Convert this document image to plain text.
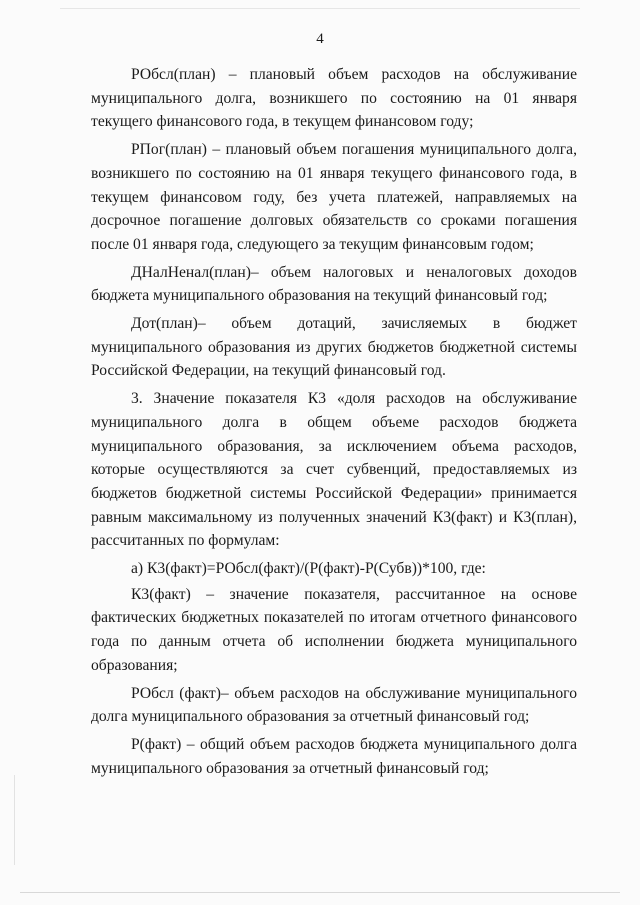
4

РОбсл(план) – плановый объем расходов на обслуживание муниципального долга, возникшего по состоянию на 01 января текущего финансового года, в текущем финансовом году;

РПог(план) – плановый объем погашения муниципального долга, возникшего по состоянию на 01 января текущего финансового года, в текущем финансовом году, без учета платежей, направляемых на досрочное погашение долговых обязательств со сроками погашения после 01 января года, следующего за текущим финансовым годом;

ДНалНенал(план)– объем налоговых и неналоговых доходов бюджета муниципального образования на текущий финансовый год;

Дот(план)– объем дотаций, зачисляемых в бюджет муниципального образования из других бюджетов бюджетной системы Российской Федерации, на текущий финансовый год.

3. Значение показателя К3 «доля расходов на обслуживание муниципального долга в общем объеме расходов бюджета муниципального образования, за исключением объема расходов, которые осуществляются за счет субвенций, предоставляемых из бюджетов бюджетной системы Российской Федерации» принимается равным максимальному из полученных значений К3(факт) и К3(план), рассчитанных по формулам:

а) К3(факт)=РОбсл(факт)/(Р(факт)-Р(Субв))*100, где:

К3(факт) – значение показателя, рассчитанное на основе фактических бюджетных показателей по итогам отчетного финансового года по данным отчета об исполнении бюджета муниципального образования;

РОбсл (факт)– объем расходов на обслуживание муниципального долга муниципального образования за отчетный финансовый год;

Р(факт) – общий объем расходов бюджета муниципального долга муниципального образования за отчетный финансовый год;
